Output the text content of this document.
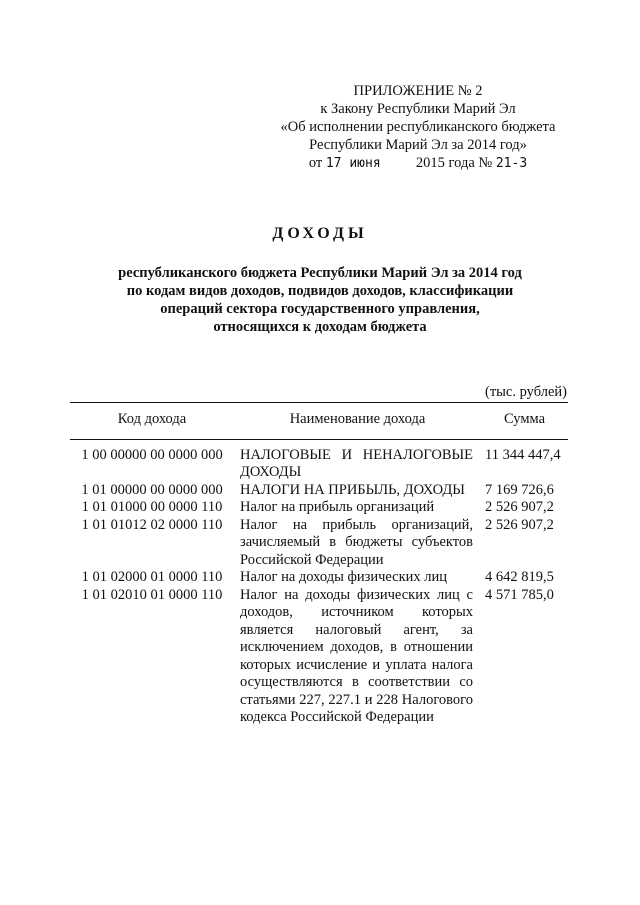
ПРИЛОЖЕНИЕ № 2
к Закону Республики Марий Эл
«Об исполнении республиканского бюджета
Республики Марий Эл за 2014 год»
от 17 июня 2015 года № 21-3
ДОХОДЫ
республиканского бюджета Республики Марий Эл за 2014 год
по кодам видов доходов, подвидов доходов, классификации
операций сектора государственного управления,
относящихся к доходам бюджета
(тыс. рублей)
Код дохода	Наименование дохода	Сумма
1 00 00000 00 0000 000	НАЛОГОВЫЕ И НЕНАЛОГОВЫЕ ДОХОДЫ	11 344 447,4
1 01 00000 00 0000 000	НАЛОГИ НА ПРИБЫЛЬ, ДОХОДЫ	7 169 726,6
1 01 01000 00 0000 110	Налог на прибыль организаций	2 526 907,2
1 01 01012 02 0000 110	Налог на прибыль организаций, зачисляемый в бюджеты субъектов Российской Федерации	2 526 907,2
1 01 02000 01 0000 110	Налог на доходы физических лиц	4 642 819,5
1 01 02010 01 0000 110	Налог на доходы физических лиц с доходов, источником которых является налоговый агент, за исключением доходов, в отношении которых исчисление и уплата налога осуществляются в соответствии со статьями 227, 227.1 и 228 Налогового кодекса Российской Федерации	4 571 785,0
